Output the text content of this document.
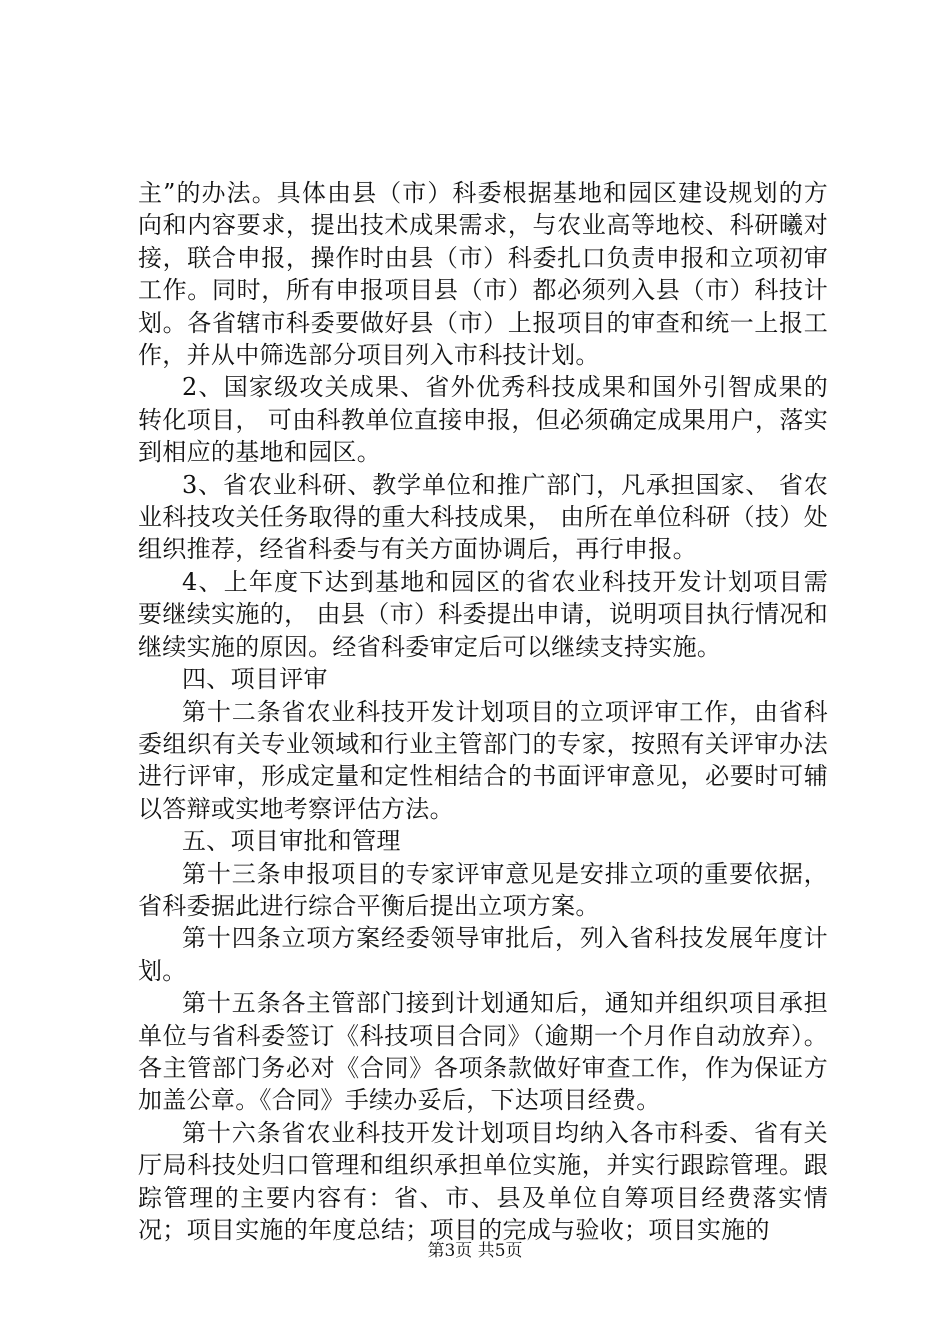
主”的办法。具体由县（市）科委根据基地和园区建设规划的方向和内容要求，提出技术成果需求，与农业高等地校、科研曦对接，联合申报，操作时由县（市）科委扎口负责申报和立项初审工作。同时，所有申报项目县（市）都必须列入县（市）科技计划。各省辖市科委要做好县（市）上报项目的审查和统一上报工作，并从中筛选部分项目列入市科技计划。

2、国家级攻关成果、省外优秀科技成果和国外引智成果的转化项目， 可由科教单位直接申报，但必须确定成果用户，落实到相应的基地和园区。

3、省农业科研、教学单位和推广部门，凡承担国家、 省农业科技攻关任务取得的重大科技成果， 由所在单位科研（技）处组织推荐，经省科委与有关方面协调后，再行申报。

4、上年度下达到基地和园区的省农业科技开发计划项目需要继续实施的， 由县（市）科委提出申请，说明项目执行情况和继续实施的原因。经省科委审定后可以继续支持实施。

四、项目评审

第十二条省农业科技开发计划项目的立项评审工作，由省科委组织有关专业领域和行业主管部门的专家，按照有关评审办法进行评审，形成定量和定性相结合的书面评审意见，必要时可辅以答辩或实地考察评估方法。

五、项目审批和管理

第十三条申报项目的专家评审意见是安排立项的重要依据，省科委据此进行综合平衡后提出立项方案。

第十四条立项方案经委领导审批后，列入省科技发展年度计划。

第十五条各主管部门接到计划通知后，通知并组织项目承担单位与省科委签订《科技项目合同》（逾期一个月作自动放弃）。各主管部门务必对《合同》各项条款做好审查工作，作为保证方加盖公章。《合同》手续办妥后，下达项目经费。

第十六条省农业科技开发计划项目均纳入各市科委、省有关厅局科技处归口管理和组织承担单位实施，并实行跟踪管理。跟踪管理的主要内容有：省、市、县及单位自筹项目经费落实情况；项目实施的年度总结；项目的完成与验收；项目实施的

第3页 共5页
